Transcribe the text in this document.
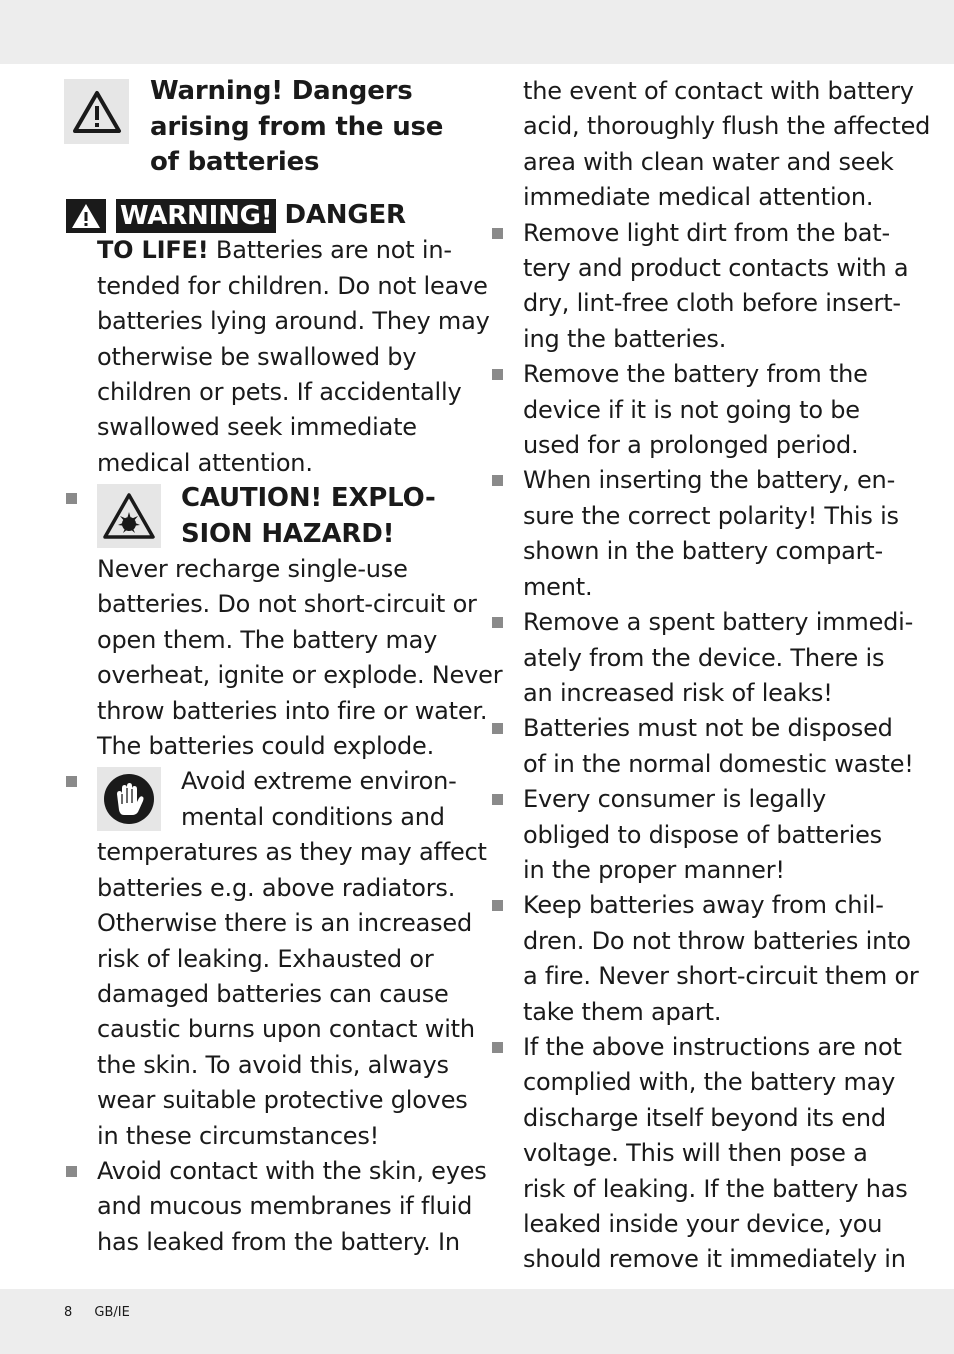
Warning! Dangers
arising from the use
of batteries
WARNING! DANGER
TO LIFE! Batteries are not in-
tended for children. Do not leave
batteries lying around. They may
otherwise be swallowed by
children or pets. If accidentally
swallowed seek immediate
medical attention.
CAUTION! EXPLO-
SION HAZARD!
Never recharge single-use
batteries. Do not short-circuit or
open them. The battery may
overheat, ignite or explode. Never
throw batteries into fire or water.
The batteries could explode.
Avoid extreme environ-
mental conditions and
temperatures as they may affect
batteries e.g. above radiators.
Otherwise there is an increased
risk of leaking. Exhausted or
damaged batteries can cause
caustic burns upon contact with
the skin. To avoid this, always
wear suitable protective gloves
in these circumstances!
Avoid contact with the skin, eyes
and mucous membranes if fluid
has leaked from the battery. In
the event of contact with battery
acid, thoroughly flush the affected
area with clean water and seek
immediate medical attention.
Remove light dirt from the bat-
tery and product contacts with a
dry, lint-free cloth before insert-
ing the batteries.
Remove the battery from the
device if it is not going to be
used for a prolonged period.
When inserting the battery, en-
sure the correct polarity! This is
shown in the battery compart-
ment.
Remove a spent battery immedi-
ately from the device. There is
an increased risk of leaks!
Batteries must not be disposed
of in the normal domestic waste!
Every consumer is legally
obliged to dispose of batteries
in the proper manner!
Keep batteries away from chil-
dren. Do not throw batteries into
a fire. Never short-circuit them or
take them apart.
If the above instructions are not
complied with, the battery may
discharge itself beyond its end
voltage. This will then pose a
risk of leaking. If the battery has
leaked inside your device, you
should remove it immediately in
8 GB/IE
